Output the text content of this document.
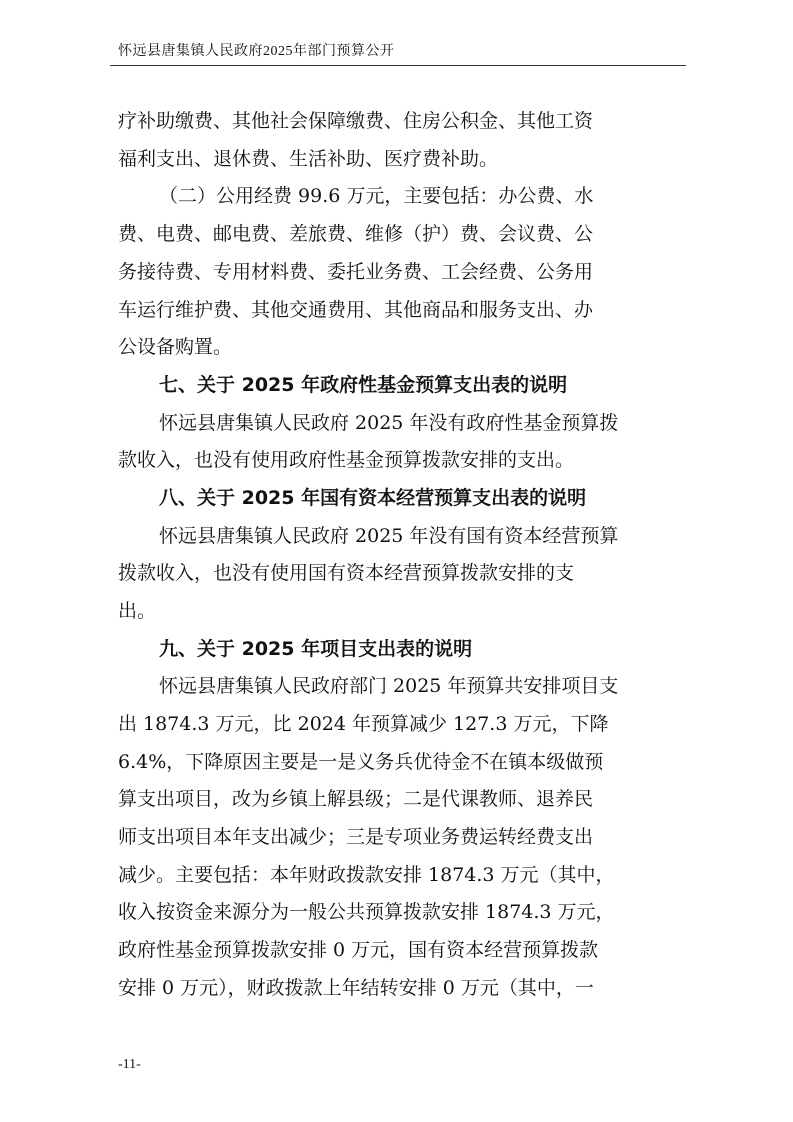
怀远县唐集镇人民政府2025年部门预算公开
疗补助缴费、其他社会保障缴费、住房公积金、其他工资
福利支出、退休费、生活补助、医疗费补助。
（二）公用经费 99.6 万元，主要包括：办公费、水
费、电费、邮电费、差旅费、维修（护）费、会议费、公
务接待费、专用材料费、委托业务费、工会经费、公务用
车运行维护费、其他交通费用、其他商品和服务支出、办
公设备购置。
七、关于 2025 年政府性基金预算支出表的说明
怀远县唐集镇人民政府 2025 年没有政府性基金预算拨
款收入，也没有使用政府性基金预算拨款安排的支出。
八、关于 2025 年国有资本经营预算支出表的说明
怀远县唐集镇人民政府 2025 年没有国有资本经营预算
拨款收入，也没有使用国有资本经营预算拨款安排的支
出。
九、关于 2025 年项目支出表的说明
怀远县唐集镇人民政府部门 2025 年预算共安排项目支
出 1874.3 万元，比 2024 年预算减少 127.3 万元，下降
6.4%，下降原因主要是一是义务兵优待金不在镇本级做预
算支出项目，改为乡镇上解县级；二是代课教师、退养民
师支出项目本年支出减少；三是专项业务费运转经费支出
减少。主要包括：本年财政拨款安排 1874.3 万元（其中，
收入按资金来源分为一般公共预算拨款安排 1874.3 万元，
政府性基金预算拨款安排 0 万元，国有资本经营预算拨款
安排 0 万元），财政拨款上年结转安排 0 万元（其中，一
-11-
